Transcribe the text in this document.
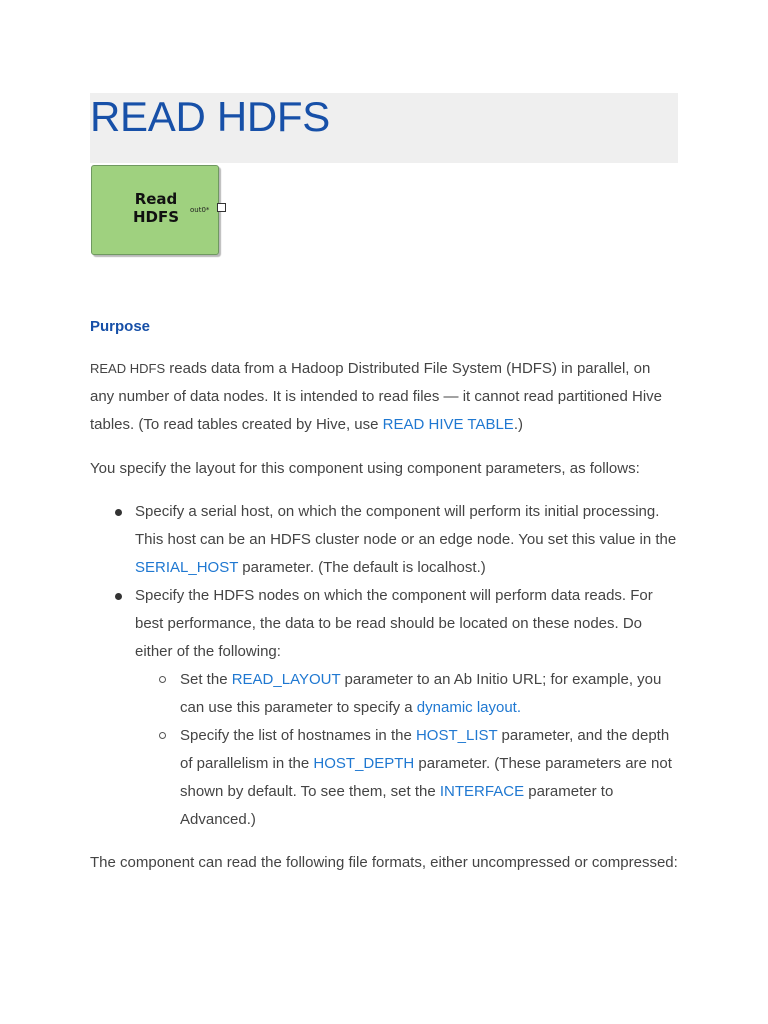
READ HDFS
Read
HDFS	out0*
Purpose

READ HDFS reads data from a Hadoop Distributed File System (HDFS) in parallel, on any number of data nodes. It is intended to read files — it cannot read partitioned Hive tables. (To read tables created by Hive, use READ HIVE TABLE.)

You specify the layout for this component using component parameters, as follows:

Specify a serial host, on which the component will perform its initial processing. This host can be an HDFS cluster node or an edge node. You set this value in the SERIAL_HOST parameter. (The default is localhost.)
Specify the HDFS nodes on which the component will perform data reads. For best performance, the data to be read should be located on these nodes. Do either of the following:
Set the READ_LAYOUT parameter to an Ab Initio URL; for example, you can use this parameter to specify a dynamic layout.
Specify the list of hostnames in the HOST_LIST parameter, and the depth of parallelism in the HOST_DEPTH parameter. (These parameters are not shown by default. To see them, set the INTERFACE parameter to Advanced.)

The component can read the following file formats, either uncompressed or compressed:
